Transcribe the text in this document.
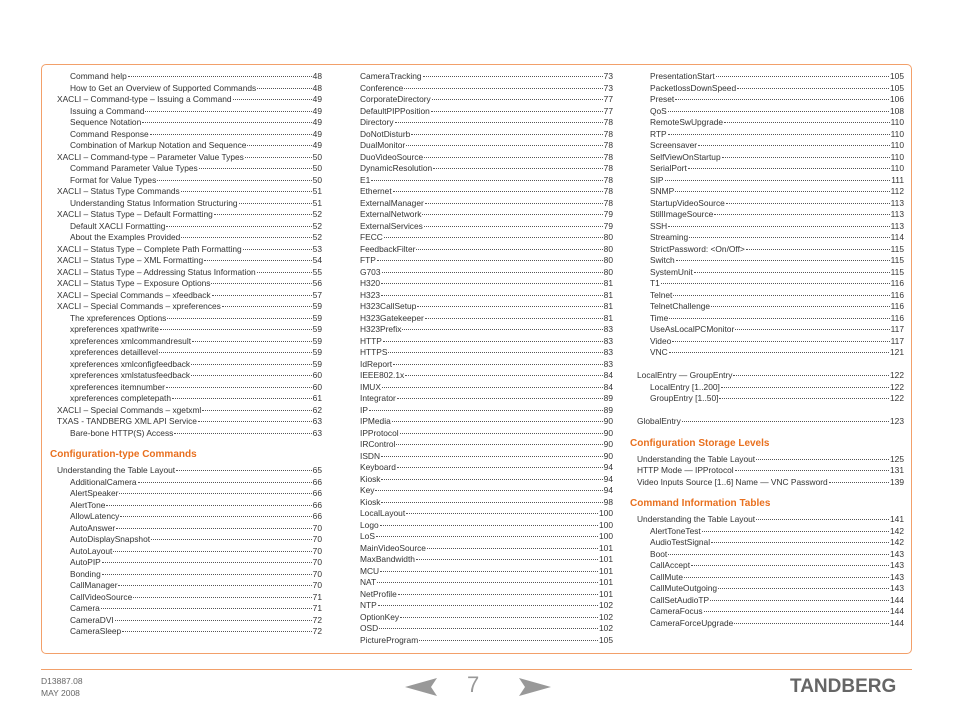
Command help	48
How to Get an Overview of Supported Commands	48
XACLI – Command-type – Issuing a Command	49
Issuing a Command	49
Sequence Notation	49
Command Response	49
Combination of Markup Notation and Sequence	49
XACLI – Command-type – Parameter Value Types	50
Command Parameter Value Types	50
Format for Value Types	50
XACLI – Status Type Commands	51
Understanding Status Information Structuring	51
XACLI – Status Type – Default Formatting	52
Default XACLI Formatting	52
About the Examples Provided	52
XACLI – Status Type – Complete Path Formatting	53
XACLI – Status Type – XML Formatting	54
XACLI – Status Type – Addressing Status Information	55
XACLI – Status Type – Exposure Options	56
XACLI – Special Commands – xfeedback	57
XACLI – Special Commands – xpreferences	59
The xpreferences Options	59
xpreferences xpathwrite	59
xpreferences xmlcommandresult	59
xpreferences detaillevel	59
xpreferences xmlconfigfeedback	59
xpreferences xmlstatusfeedback	60
xpreferences itemnumber	60
xpreferences completepath	61
XACLI – Special Commands – xgetxml	62
TXAS - TANDBERG XML API Service	63
Bare-bone HTTP(S) Access	63
Configuration-type Commands
Understanding the Table Layout	65
AdditionalCamera	66
AlertSpeaker	66
AlertTone	66
AllowLatency	66
AutoAnswer	70
AutoDisplaySnapshot	70
AutoLayout	70
AutoPIP	70
Bonding	70
CallManager	70
CallVideoSource	71
Camera	71
CameraDVI	72
CameraSleep	72
CameraTracking	73
Conference	73
CorporateDirectory	77
DefaultPIPPosition	77
Directory	78
DoNotDisturb	78
DualMonitor	78
DuoVideoSource	78
DynamicResolution	78
E1	78
Ethernet	78
ExternalManager	78
ExternalNetwork	79
ExternalServices	79
FECC	80
FeedbackFilter	80
FTP	80
G703	80
H320	81
H323	81
H323CallSetup	81
H323Gatekeeper	81
H323Prefix	83
HTTP	83
HTTPS	83
IdReport	83
IEEE802.1x	84
IMUX	84
Integrator	89
IP	89
IPMedia	90
IPProtocol	90
IRControl	90
ISDN	90
Keyboard	94
Kiosk	94
Key	94
Kiosk	98
LocalLayout	100
Logo	100
LoS	100
MainVideoSource	101
MaxBandwidth	101
MCU	101
NAT	101
NetProfile	101
NTP	102
OptionKey	102
OSD	102
PictureProgram	105
PresentationStart	105
PacketlossDownSpeed	105
Preset	106
QoS	108
RemoteSwUpgrade	110
RTP	110
Screensaver	110
SelfViewOnStartup	110
SerialPort	110
SIP	111
SNMP	112
StartupVideoSource	113
StillImageSource	113
SSH	113
Streaming	114
StrictPassword: <On/Off>	115
Switch	115
SystemUnit	115
T1	116
Telnet	116
TelnetChallenge	116
Time	116
UseAsLocalPCMonitor	117
Video	117
VNC	121
LocalEntry — GroupEntry	122
LocalEntry [1..200]	122
GroupEntry [1..50]	122
GlobalEntry	123
Configuration Storage Levels
Understanding the Table Layout	125
HTTP Mode — IPProtocol	131
Video Inputs Source [1..6] Name — VNC Password	139
Command Information Tables
Understanding the Table Layout	141
AlertToneTest	142
AudioTestSignal	142
Boot	143
CallAccept	143
CallMute	143
CallMuteOutgoing	143
CallSetAudioTP	144
CameraFocus	144
CameraForceUpgrade	144
D13887.08
MAY 2008	7	TANDBERG
